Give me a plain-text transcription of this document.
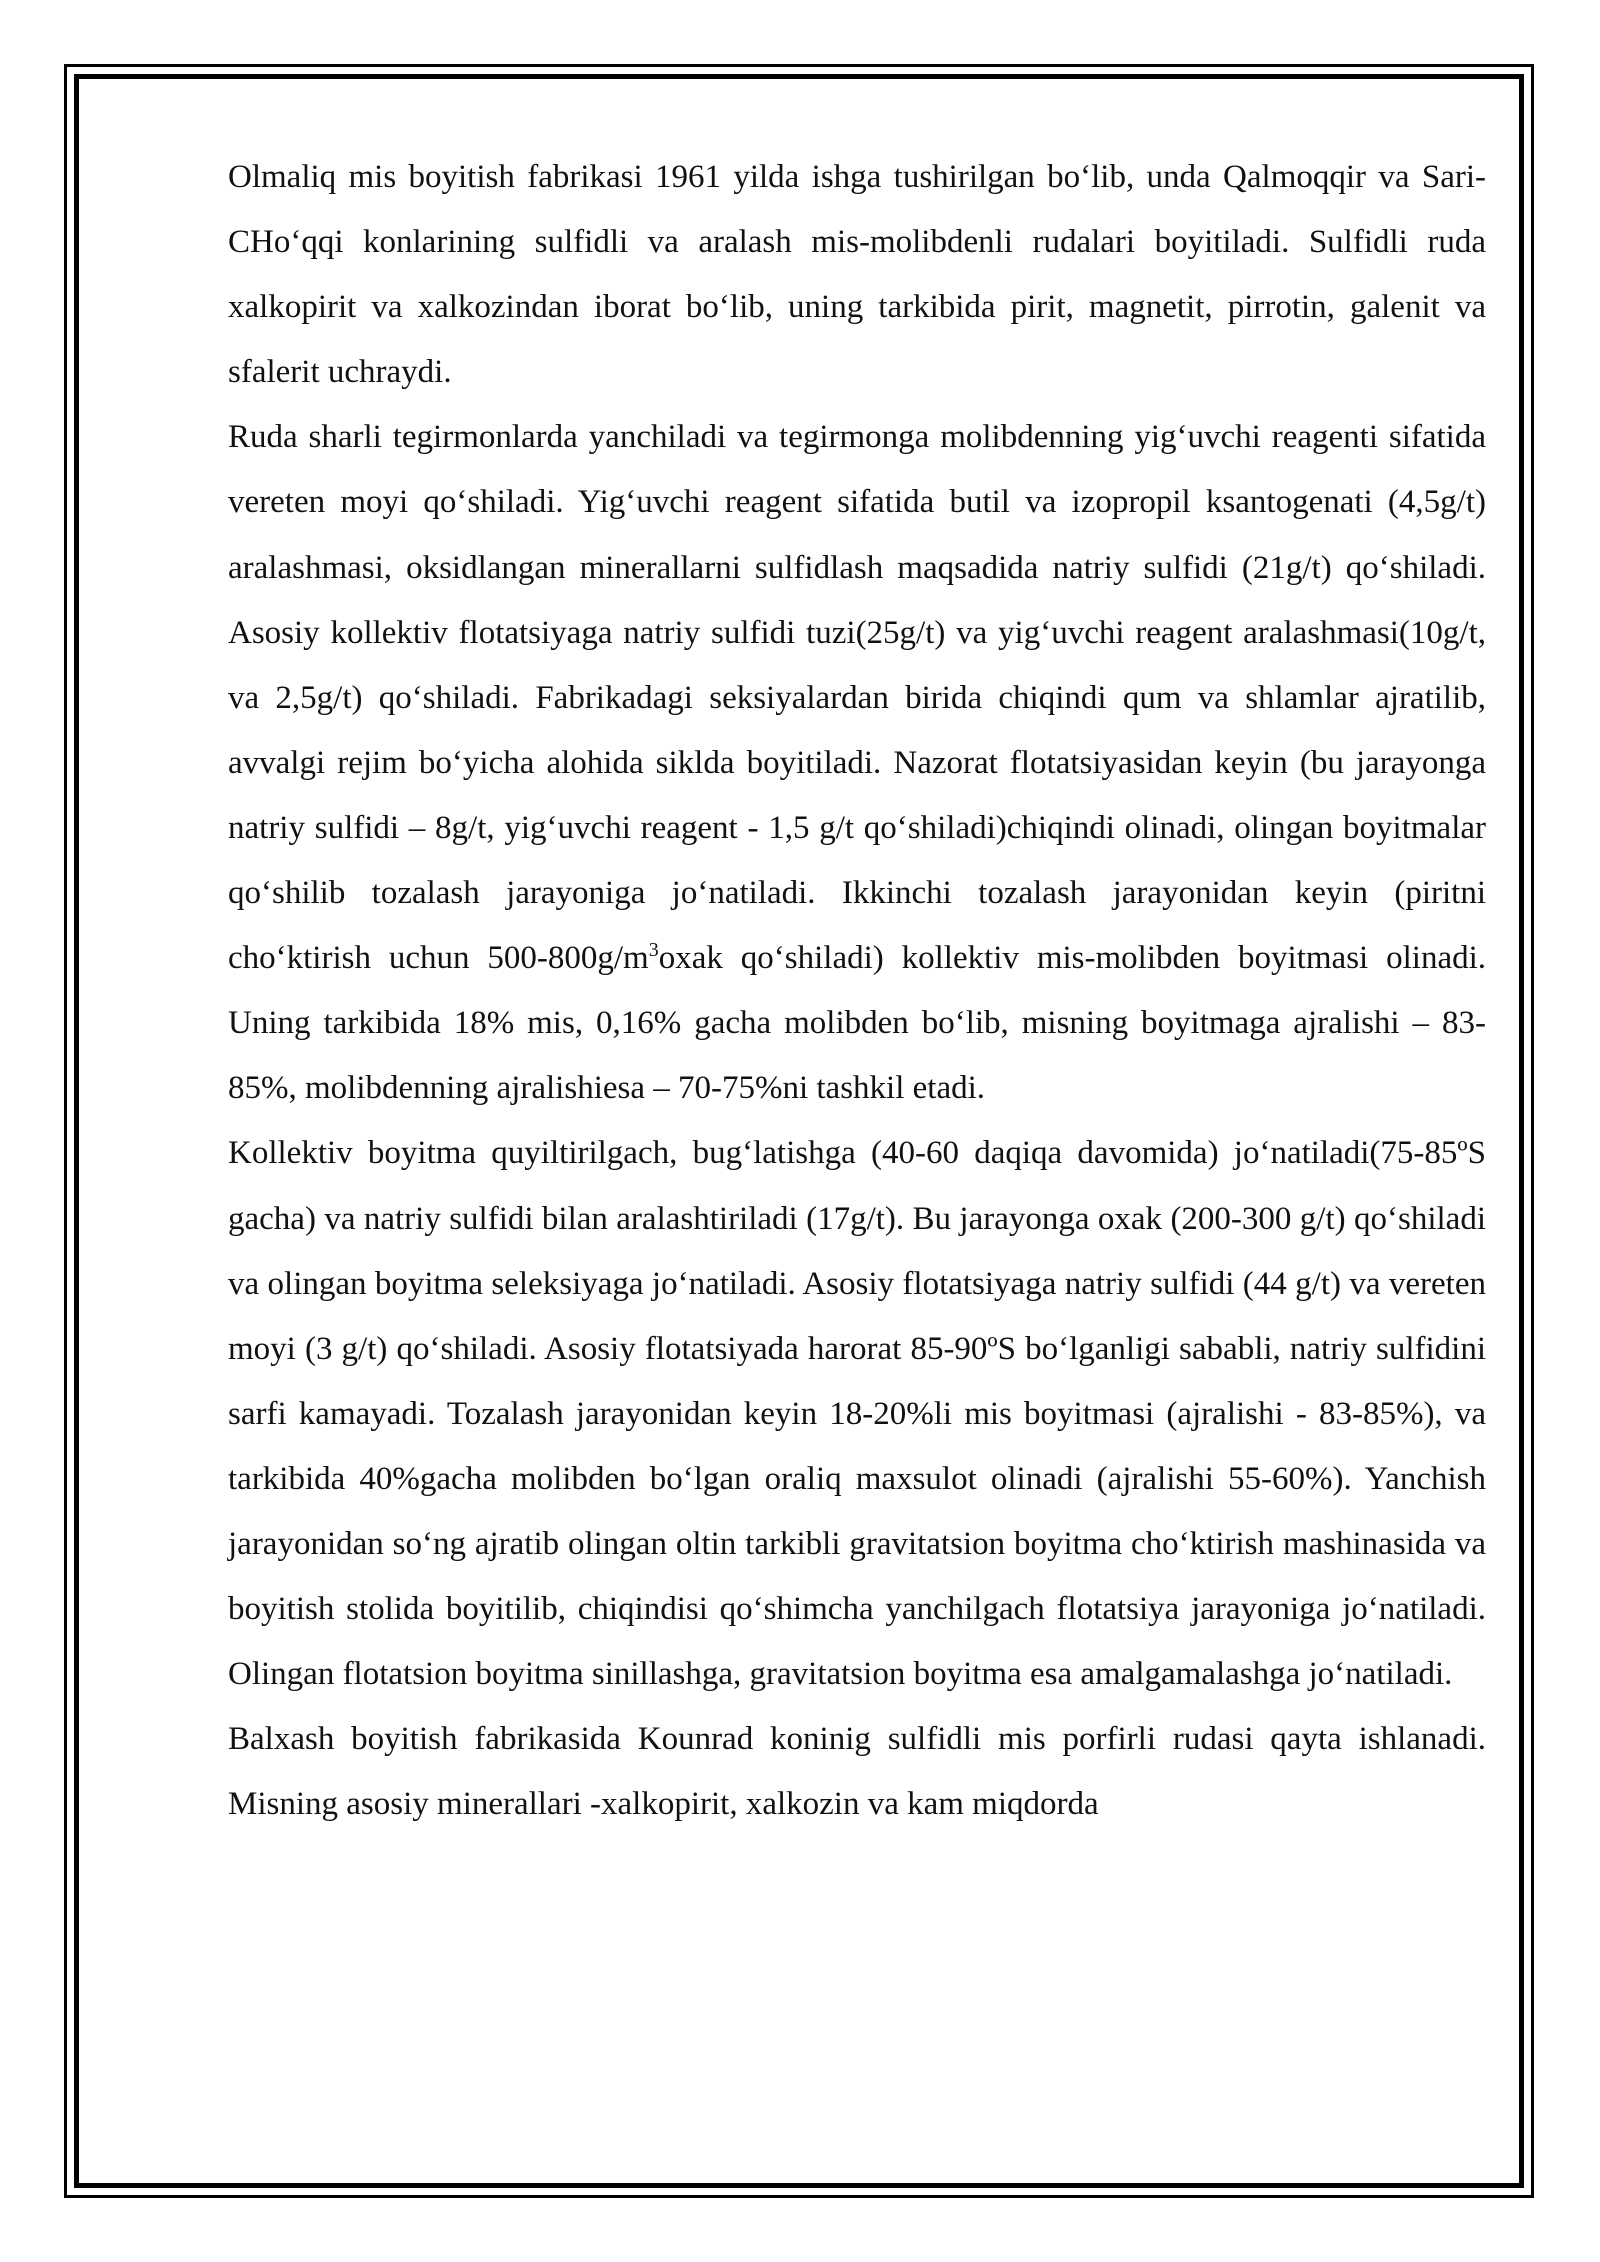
Olmaliq mis boyitish fabrikasi 1961 yilda ishga tushirilgan bo‘lib, unda Qalmoqqir va Sari-CHo‘qqi konlarining sulfidli va aralash mis-molibdenli rudalari boyitiladi. Sulfidli ruda xalkopirit va xalkozindan iborat bo‘lib, uning tarkibida pirit, magnetit, pirrotin, galenit va sfalerit uchraydi.

Ruda sharli tegirmonlarda yanchiladi va tegirmonga molibdenning yig‘uvchi reagenti sifatida vereten moyi qo‘shiladi. Yig‘uvchi reagent sifatida butil va izopropil ksantogenati (4,5g/t) aralashmasi, oksidlangan minerallarni sulfidlash maqsadida natriy sulfidi (21g/t) qo‘shiladi. Asosiy kollektiv flotatsiyaga natriy sulfidi tuzi(25g/t) va yig‘uvchi reagent aralashmasi(10g/t, va 2,5g/t) qo‘shiladi. Fabrikadagi seksiyalardan birida chiqindi qum va shlamlar ajratilib, avvalgi rejim bo‘yicha alohida siklda boyitiladi. Nazorat flotatsiyasidan keyin (bu jarayonga natriy sulfidi – 8g/t, yig‘uvchi reagent - 1,5 g/t qo‘shiladi)chiqindi olinadi, olingan boyitmalar qo‘shilib tozalash jarayoniga jo‘natiladi. Ikkinchi tozalash jarayonidan keyin (piritni cho‘ktirish uchun $500-800g/m^3oxak$ qo‘shiladi) kollektiv mis-molibden boyitmasi olinadi. Uning tarkibida 18% mis, 0,16% gacha molibden bo‘lib, misning boyitmaga ajralishi – 83-85%, molibdenning ajralishiesa – 70-75%ni tashkil etadi.

Kollektiv boyitma quyiltirilgach, bug‘latishga (40-60 daqiqa davomida) jo‘natiladi(75-85ºS gacha) va natriy sulfidi bilan aralashtiriladi (17g/t). Bu jarayonga oxak (200-300 g/t) qo‘shiladi va olingan boyitma seleksiyaga jo‘natiladi. Asosiy flotatsiyaga natriy sulfidi (44 g/t) va vereten moyi (3 g/t) qo‘shiladi. Asosiy flotatsiyada harorat 85-90ºS bo‘lganligi sababli, natriy sulfidini sarfi kamayadi. Tozalash jarayonidan keyin 18-20%li mis boyitmasi (ajralishi - 83-85%), va tarkibida 40%gacha molibden bo‘lgan oraliq maxsulot olinadi (ajralishi 55-60%). Yanchish jarayonidan so‘ng ajratib olingan oltin tarkibli gravitatsion boyitma cho‘ktirish mashinasida va boyitish stolida boyitilib, chiqindisi qo‘shimcha yanchilgach flotatsiya jarayoniga jo‘natiladi. Olingan flotatsion boyitma sinillashga, gravitatsion boyitma esa amalgamalashga jo‘natiladi.

Balxash boyitish fabrikasida Kounrad koninig sulfidli mis porfirli rudasi qayta ishlanadi. Misning asosiy minerallari -xalkopirit, xalkozin va kam miqdorda
